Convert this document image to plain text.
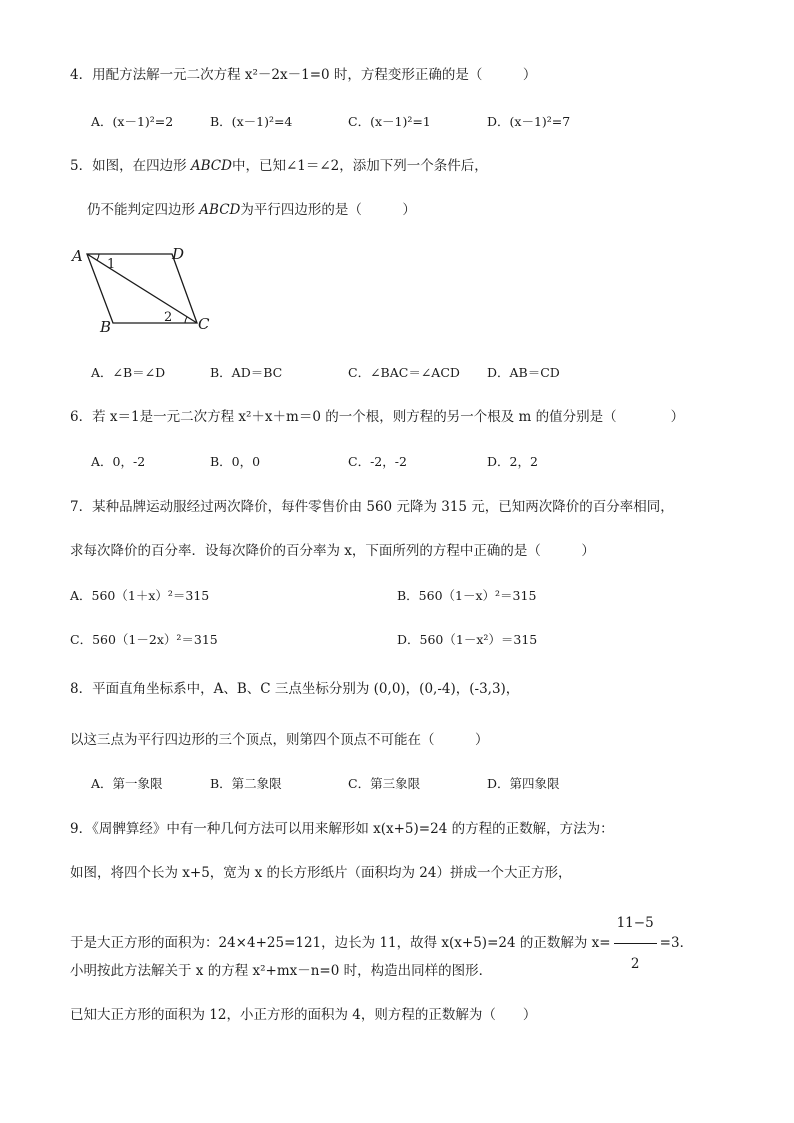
4．用配方法解一元二次方程 x²－2x－1=0 时，方程变形正确的是（　　　）
A．(x－1)²=2	B．(x－1)²=4	C．(x－1)²=1	D．(x－1)²=7
5．如图，在四边形 ABCD中，已知∠1＝∠2，添加下列一个条件后，
仍不能判定四边形 ABCD为平行四边形的是（　　　）
A	D
B	C
1
2
A．∠B＝∠D	B．AD＝BC	C．∠BAC＝∠ACD D．AB＝CD
6．若 x＝1是一元二次方程 x²＋x＋m＝0 的一个根，则方程的另一个根及 m 的值分别是（　　　　）
A．0，-2	B．0，0	C．-2，-2	D．2，2
7．某种品牌运动服经过两次降价，每件零售价由 560 元降为 315 元，已知两次降价的百分率相同，
求每次降价的百分率．设每次降价的百分率为 x，下面所列的方程中正确的是（　　　）
A．560（1＋x）²＝315	B．560（1－x）²＝315
C．560（1－2x）²＝315	D．560（1－x²）＝315
8．平面直角坐标系中，A、B、C 三点坐标分别为 (0,0)，(0,-4)，(-3,3)，
以这三点为平行四边形的三个顶点，则第四个顶点不可能在（　　　）
A．第一象限	B．第二象限	C．第三象限	D．第四象限
9．《周髀算经》中有一种几何方法可以用来解形如 x(x+5)=24 的方程的正数解，方法为：
如图，将四个长为 x+5，宽为 x 的长方形纸片（面积均为 24）拼成一个大正方形，
于是大正方形的面积为：24×4+25=121，边长为 11，故得 x(x+5)=24 的正数解为 $x= \frac{11-5}{2} =3$．
小明按此方法解关于 x 的方程 x²+mx－n=0 时，构造出同样的图形．
已知大正方形的面积为 12，小正方形的面积为 4，则方程的正数解为（　　）
